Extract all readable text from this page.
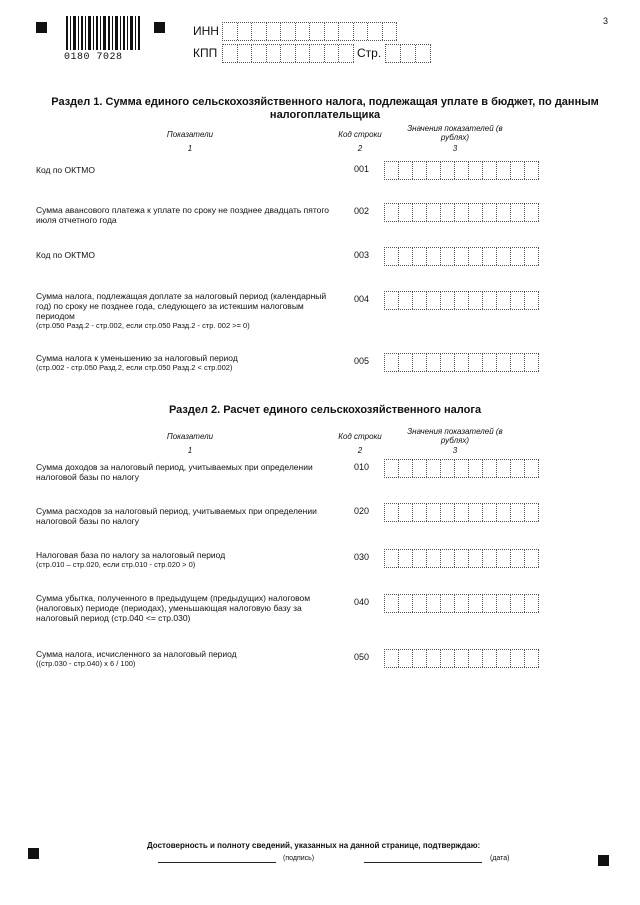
0180 7028
ИНН
КПП	Стр.
3
Раздел 1. Сумма единого сельскохозяйственного налога, подлежащая уплате в бюджет, по данным налогоплательщика
Показатели
1
Код строки
2
Значения показателей (в рублях)
3
Код по ОКТМО	001
Сумма авансового платежа к уплате по сроку не позднее двадцать пятого июля отчетного года
002
Код по ОКТМО	003
Сумма налога, подлежащая доплате за налоговый период (календарный год) по сроку не позднее года, следующего за истекшим налоговым периодом
(стр.050 Разд.2 - стр.002, если стр.050 Разд.2 - стр. 002 >= 0)
004
Сумма налога к уменьшению за налоговый период
(стр.002 - стр.050 Разд.2, если стр.050 Разд.2 < стр.002)
005
Раздел 2. Расчет единого сельскохозяйственного налога
Показатели
1
Код строки
2
Значения показателей (в рублях)
3
Сумма доходов за налоговый период, учитываемых при определении налоговой базы по налогу
010
Сумма расходов за налоговый период, учитываемых при определении налоговой базы по налогу
020
Налоговая база по налогу за налоговый период
(стр.010 – стр.020, если стр.010 - стр.020 > 0)
030
Сумма убытка, полученного в предыдущем (предыдущих) налоговом (налоговых) периоде (периодах), уменьшающая налоговую базу за налоговый период (стр.040 <= стр.030)
040
Сумма налога, исчисленного за налоговый период
((стр.030 - стр.040) х 6 / 100)
050
Достоверность и полноту сведений, указанных на данной странице, подтверждаю:
(подпись)	(дата)
